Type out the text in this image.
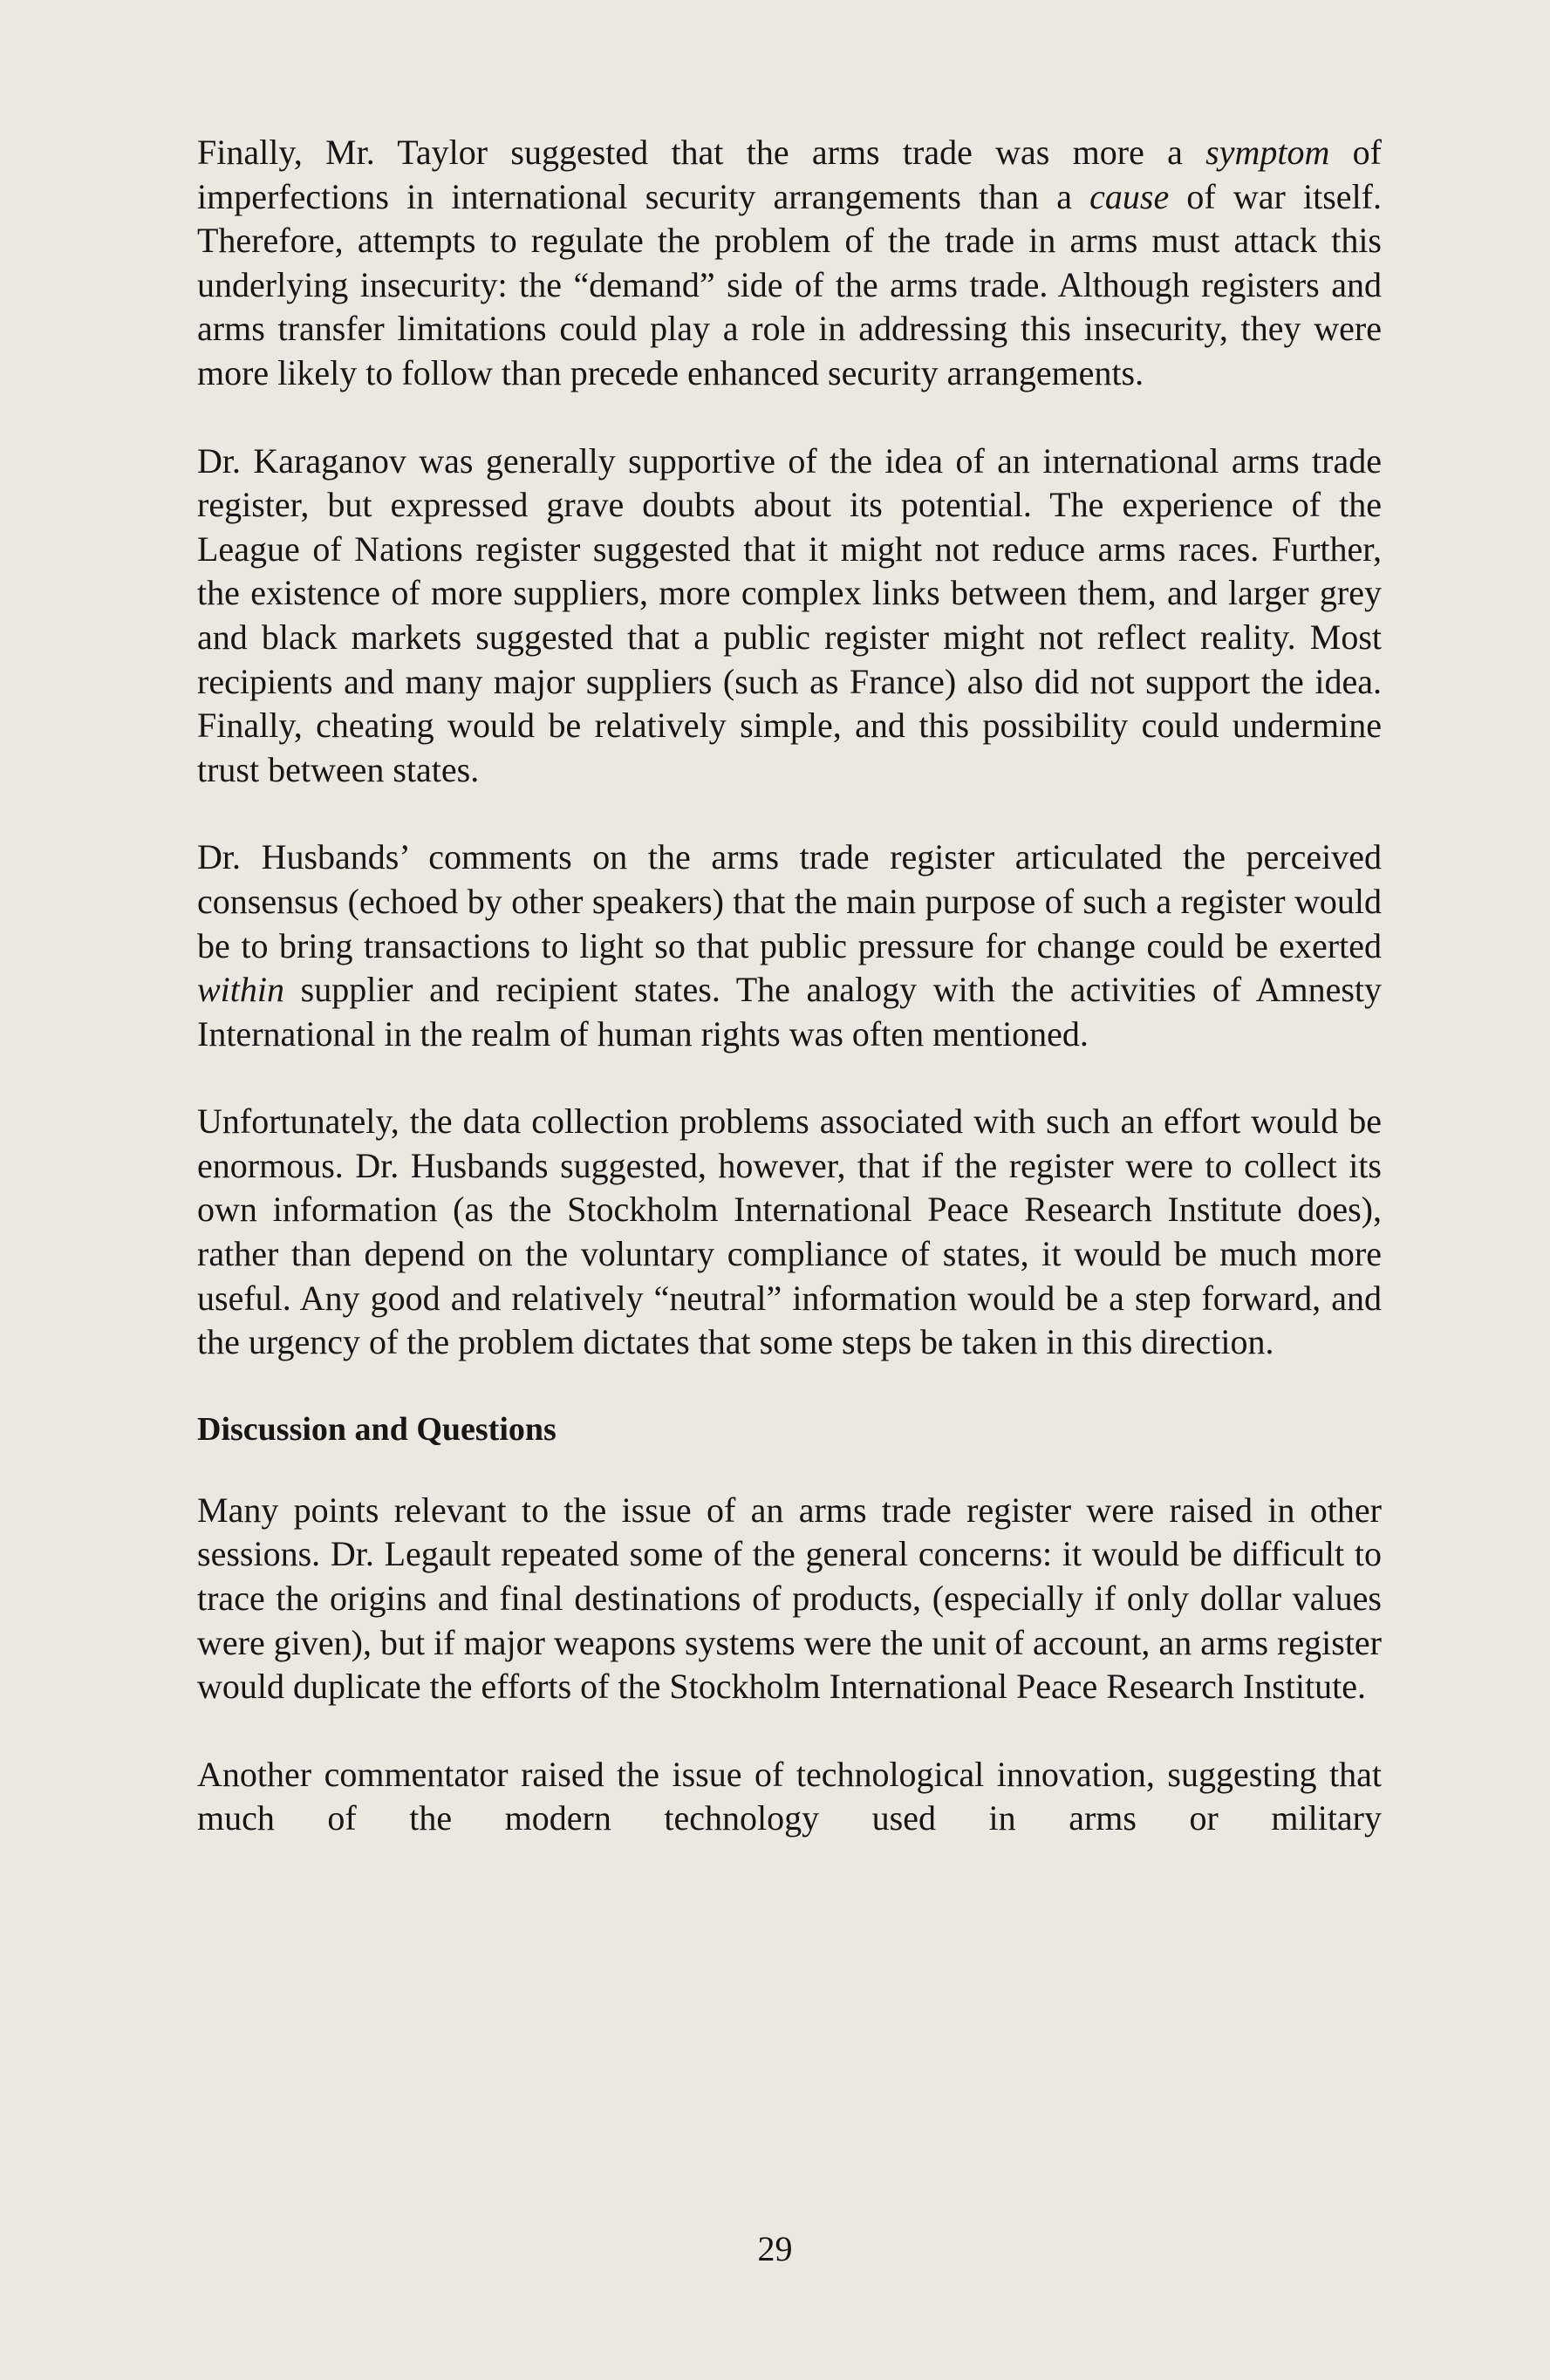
Finally, Mr. Taylor suggested that the arms trade was more a symptom of imperfections in international security arrangements than a cause of war itself. Therefore, attempts to regulate the problem of the trade in arms must attack this underlying insecurity: the “demand” side of the arms trade. Although registers and arms transfer limitations could play a role in addressing this insecurity, they were more likely to follow than precede enhanced security arrangements.

Dr. Karaganov was generally supportive of the idea of an international arms trade register, but expressed grave doubts about its potential. The experience of the League of Nations register suggested that it might not reduce arms races. Further, the existence of more suppliers, more complex links between them, and larger grey and black markets suggested that a public register might not reflect reality. Most recipients and many major suppliers (such as France) also did not support the idea. Finally, cheating would be relatively simple, and this possibility could undermine trust between states.

Dr. Husbands’ comments on the arms trade register articulated the perceived consensus (echoed by other speakers) that the main purpose of such a register would be to bring transactions to light so that public pressure for change could be exerted within supplier and recipient states. The analogy with the activities of Amnesty International in the realm of human rights was often mentioned.

Unfortunately, the data collection problems associated with such an effort would be enormous. Dr. Husbands suggested, however, that if the register were to collect its own information (as the Stockholm International Peace Research Institute does), rather than depend on the voluntary compliance of states, it would be much more useful. Any good and relatively “neutral” information would be a step forward, and the urgency of the problem dictates that some steps be taken in this direction.

Discussion and Questions

Many points relevant to the issue of an arms trade register were raised in other sessions. Dr. Legault repeated some of the general concerns: it would be difficult to trace the origins and final destinations of products, (especially if only dollar values were given), but if major weapons systems were the unit of account, an arms register would duplicate the efforts of the Stockholm International Peace Research Institute.

Another commentator raised the issue of technological innovation, suggesting that much of the modern technology used in arms or military

29
